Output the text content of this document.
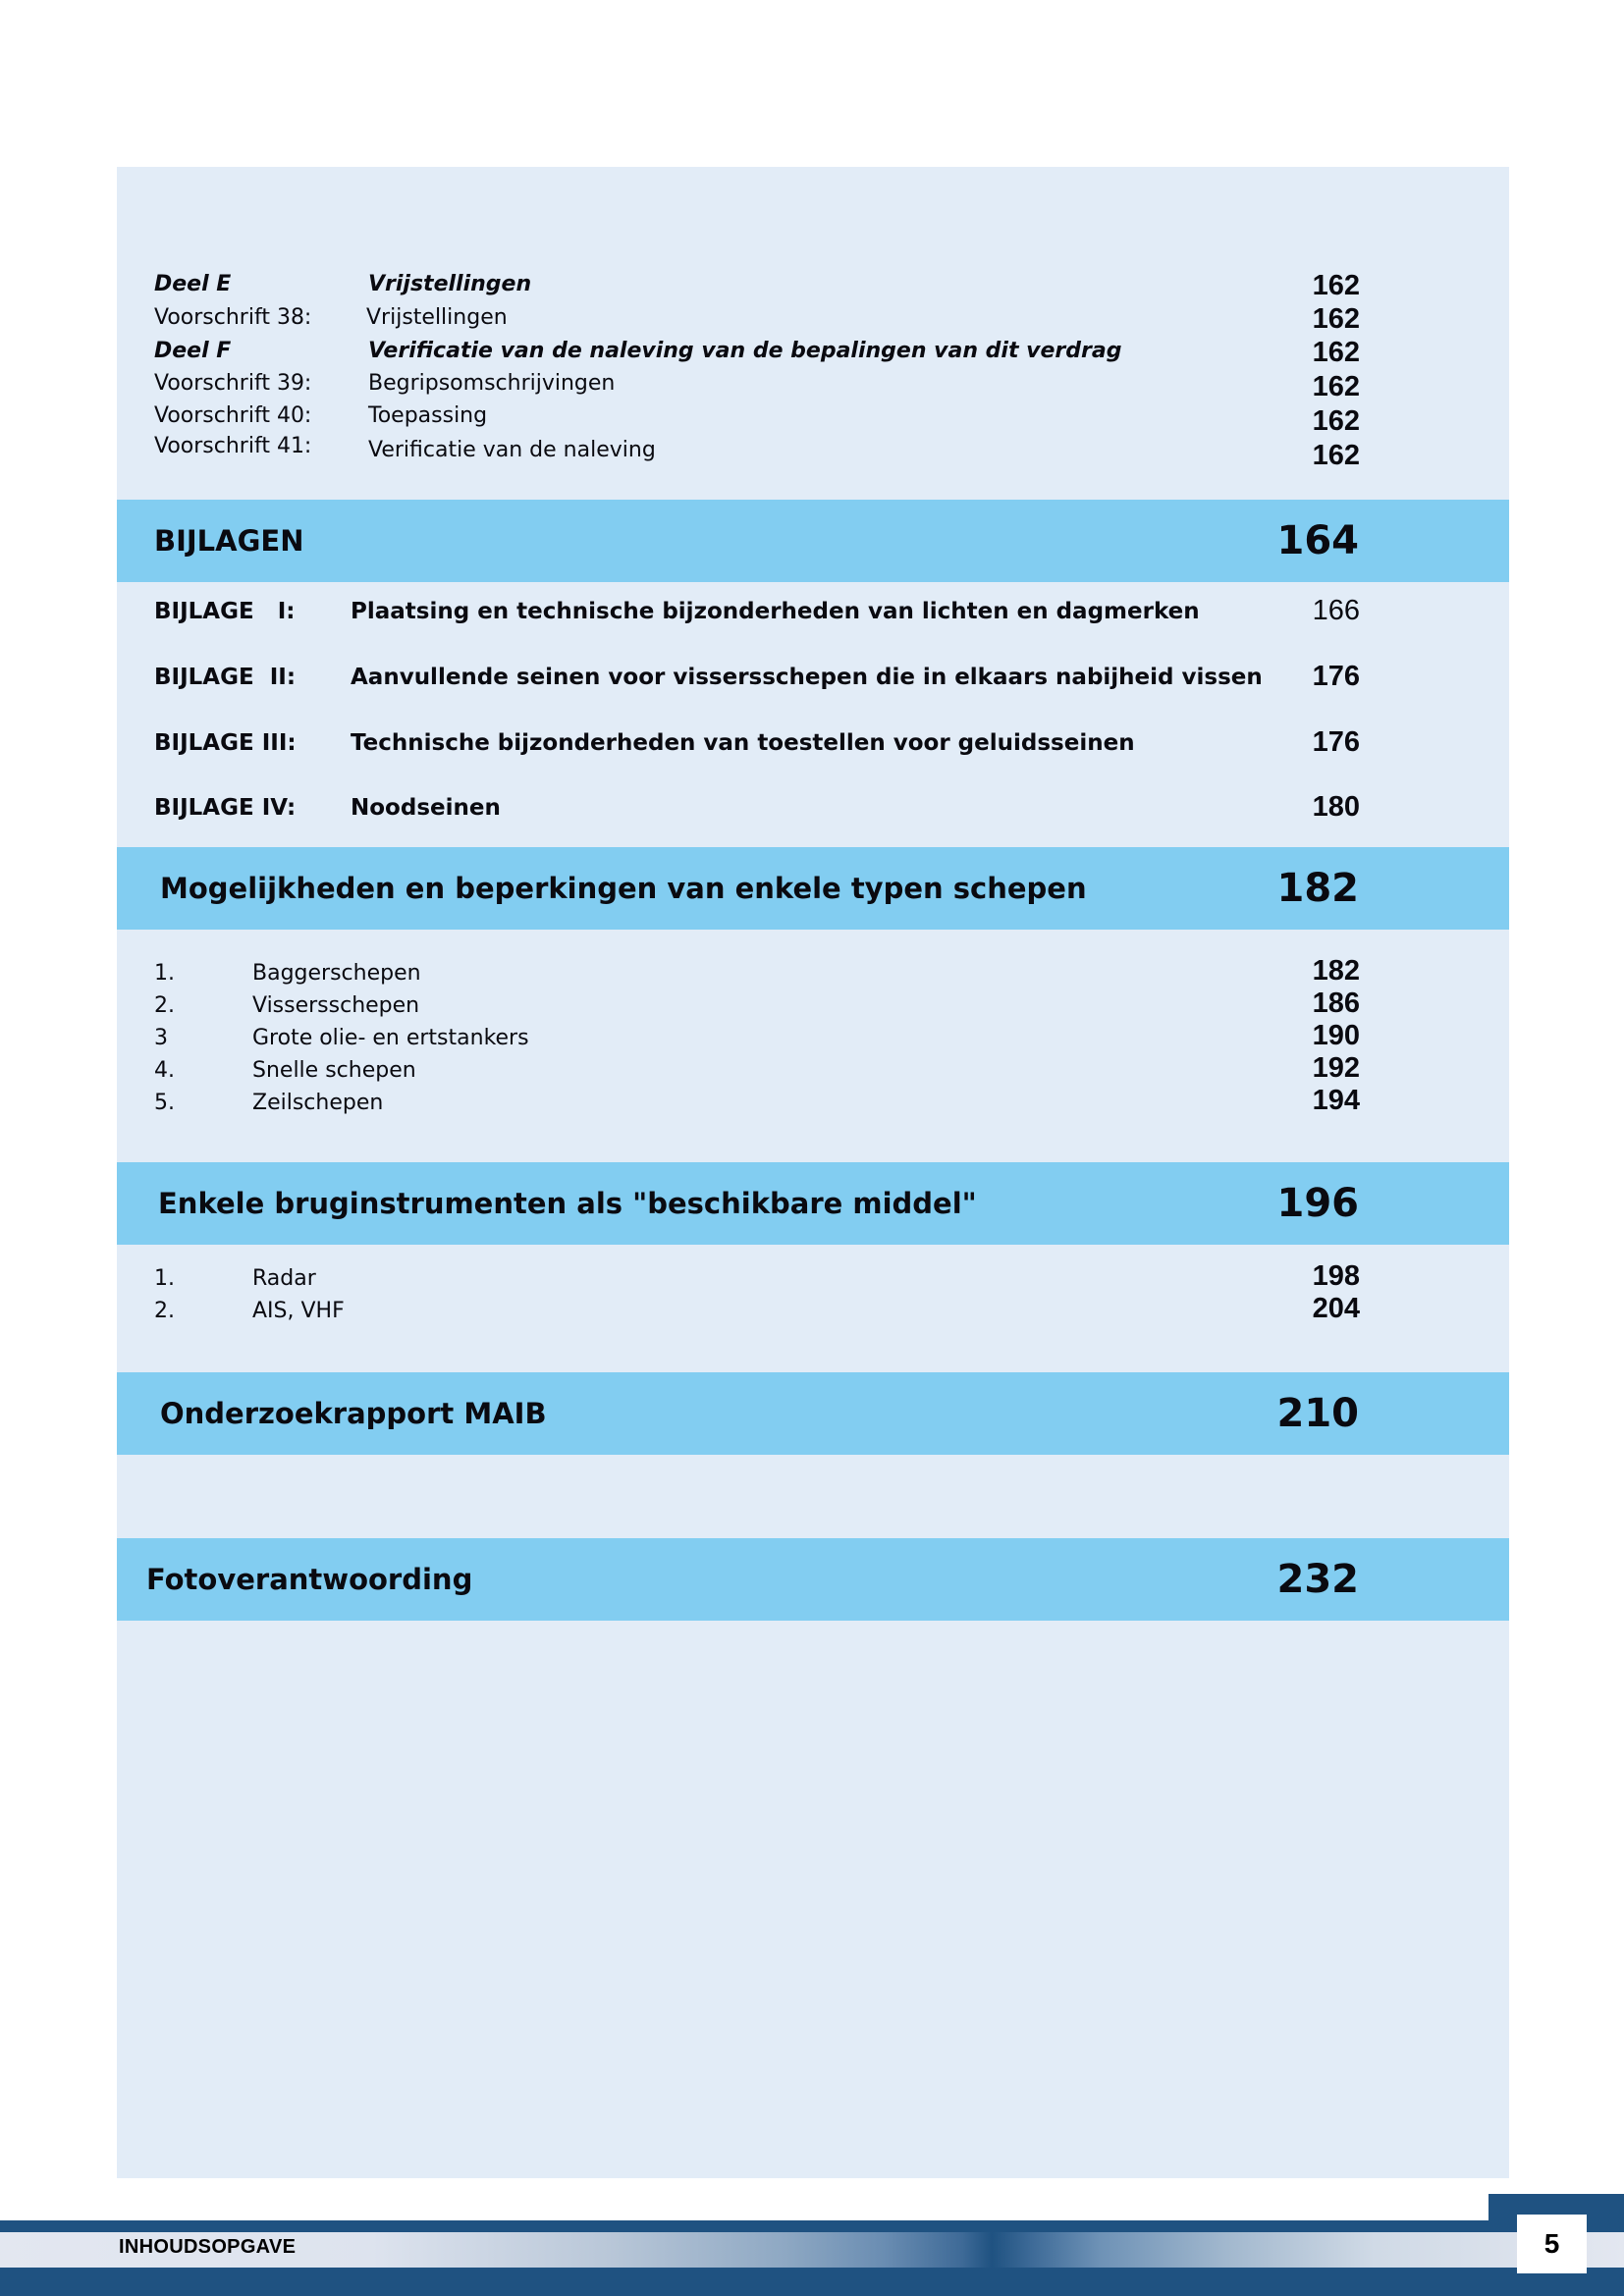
Deel E	Vrijstellingen	162
Voorschrift 38:	Vrijstellingen	162
Deel F	Verificatie van de naleving van de bepalingen van dit verdrag	162
Voorschrift 39:	Begripsomschrijvingen	162
Voorschrift 40:	Toepassing	162
Voorschrift 41:	Verificatie van de naleving	162
BIJLAGEN	164
BIJLAGE   I: Plaatsing en technische bijzonderheden van lichten en dagmerken	166
BIJLAGE  II: Aanvullende seinen voor vissersschepen die in elkaars nabijheid vissen	176
BIJLAGE III: Technische bijzonderheden van toestellen voor geluidsseinen	176
BIJLAGE IV: Noodseinen	180
Mogelijkheden en beperkingen van enkele typen schepen	182
1.	Baggerschepen	182
2.	Vissersschepen	186
3	Grote olie- en ertstankers	190
4.	Snelle schepen	192
5.	Zeilschepen	194
Enkele bruginstrumenten als "beschikbare middel"	196
1.	Radar	198
2.	AIS, VHF	204
Onderzoekrapport MAIB	210
Fotoverantwoording	232
INHOUDSOPGAVE	5
